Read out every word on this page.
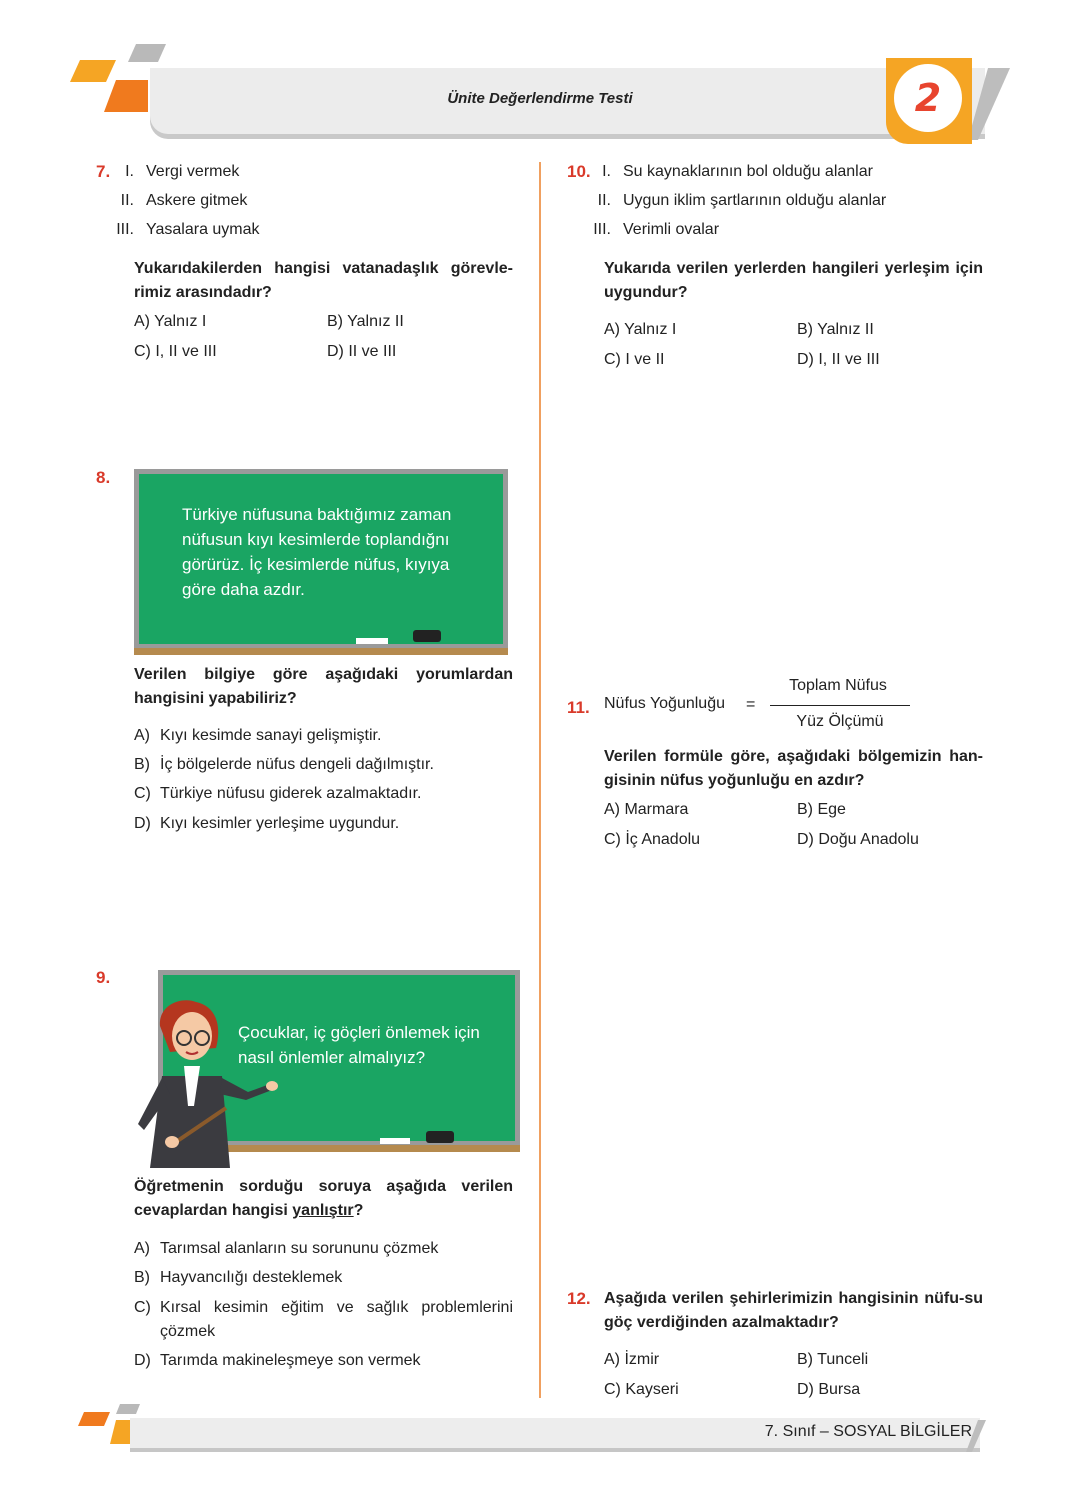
Ünite Değerlendirme Testi	2
7. I. Vergi vermek
II. Askere gitmek
III. Yasalara uymak
Yukarıdakilerden hangisi vatanadaşlık görevle-rimiz arasındadır?
A) Yalnız I	B) Yalnız II
C) I, II ve III	D) II ve III
8.
Türkiye nüfusuna baktığımız zaman nüfusun kıyı kesimlerde toplandığnı görürüz. İç kesimlerde nüfus, kıyıya göre daha azdır.
Verilen bilgiye göre aşağıdaki yorumlardan hangisini yapabiliriz?
A) Kıyı kesimde sanayi gelişmiştir.
B) İç bölgelerde nüfus dengeli dağılmıştır.
C) Türkiye nüfusu giderek azalmaktadır.
D) Kıyı kesimler yerleşime uygundur.
9.
Çocuklar, iç göçleri önlemek için nasıl önlemler almalıyız?
Öğretmenin sorduğu soruya aşağıda verilen cevaplardan hangisi yanlıştır?
A) Tarımsal alanların su sorununu çözmek
B) Hayvancılığı desteklemek
C) Kırsal kesimin eğitim ve sağlık problemlerini çözmek
D) Tarımda makineleşmeye son vermek
10. I. Su kaynaklarının bol olduğu alanlar
II. Uygun iklim şartlarının olduğu alanlar
III. Verimli ovalar
Yukarıda verilen yerlerden hangileri yerleşim için uygundur?
A) Yalnız I	B) Yalnız II
C) I ve II	D) I, II ve III
11. Nüfus Yoğunluğu =
Toplam Nüfus
Yüz Ölçümü
Verilen formüle göre, aşağıdaki bölgemizin han-gisinin nüfus yoğunluğu en azdır?
A) Marmara	B) Ege
C) İç Anadolu	D) Doğu Anadolu
12. Aşağıda verilen şehirlerimizin hangisinin nüfu-su göç verdiğinden azalmaktadır?
A) İzmir	B) Tunceli
C) Kayseri	D) Bursa
7. Sınıf – SOSYAL BİLGİLER
